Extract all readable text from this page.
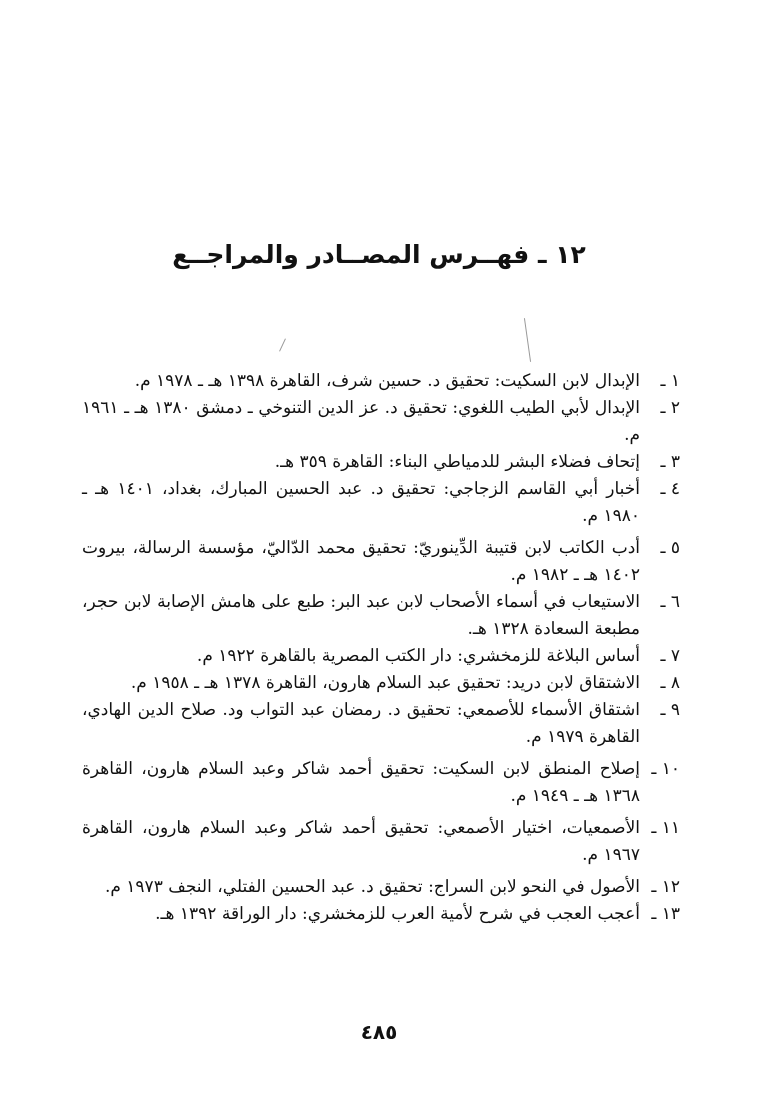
١٢ ـ فهــرس المصــادر والمراجــع
١ ـ
الإبدال لابن السكيت: تحقيق د. حسين شرف، القاهرة ١٣٩٨ هـ ـ ١٩٧٨ م.
٢ ـ
الإبدال لأبي الطيب اللغوي: تحقيق د. عز الدين التنوخي ـ دمشق ١٣٨٠ هـ ـ ١٩٦١ م.
٣ ـ
إتحاف فضلاء البشر للدمياطي البناء: القاهرة ٣٥٩ هـ.
٤ ـ
أخبار أبي القاسم الزجاجي: تحقيق د. عبد الحسين المبارك، بغداد، ١٤٠١ هـ ـ ١٩٨٠ م.
٥ ـ
أدب الكاتب لابن قتيبة الدِّينوريّ: تحقيق محمد الدّاليّ، مؤسسة الرسالة، بيروت ١٤٠٢ هـ ـ ١٩٨٢ م.
٦ ـ
الاستيعاب في أسماء الأصحاب لابن عبد البر: طبع على هامش الإصابة لابن حجر، مطبعة السعادة ١٣٢٨ هـ.
٧ ـ
أساس البلاغة للزمخشري: دار الكتب المصرية بالقاهرة ١٩٢٢ م.
٨ ـ
الاشتقاق لابن دريد: تحقيق عبد السلام هارون، القاهرة ١٣٧٨ هـ ـ ١٩٥٨ م.
٩ ـ
اشتقاق الأسماء للأصمعي: تحقيق د. رمضان عبد التواب ود. صلاح الدين الهادي، القاهرة ١٩٧٩ م.
١٠ ـ
إصلاح المنطق لابن السكيت: تحقيق أحمد شاكر وعبد السلام هارون، القاهرة ١٣٦٨ هـ ـ ١٩٤٩ م.
١١ ـ
الأصمعيات، اختيار الأصمعي: تحقيق أحمد شاكر وعبد السلام هارون، القاهرة ١٩٦٧ م.
١٢ ـ
الأصول في النحو لابن السراج: تحقيق د. عبد الحسين الفتلي، النجف ١٩٧٣ م.
١٣ ـ
أعجب العجب في شرح لأمية العرب للزمخشري: دار الوراقة ١٣٩٢ هـ.
٤٨٥
